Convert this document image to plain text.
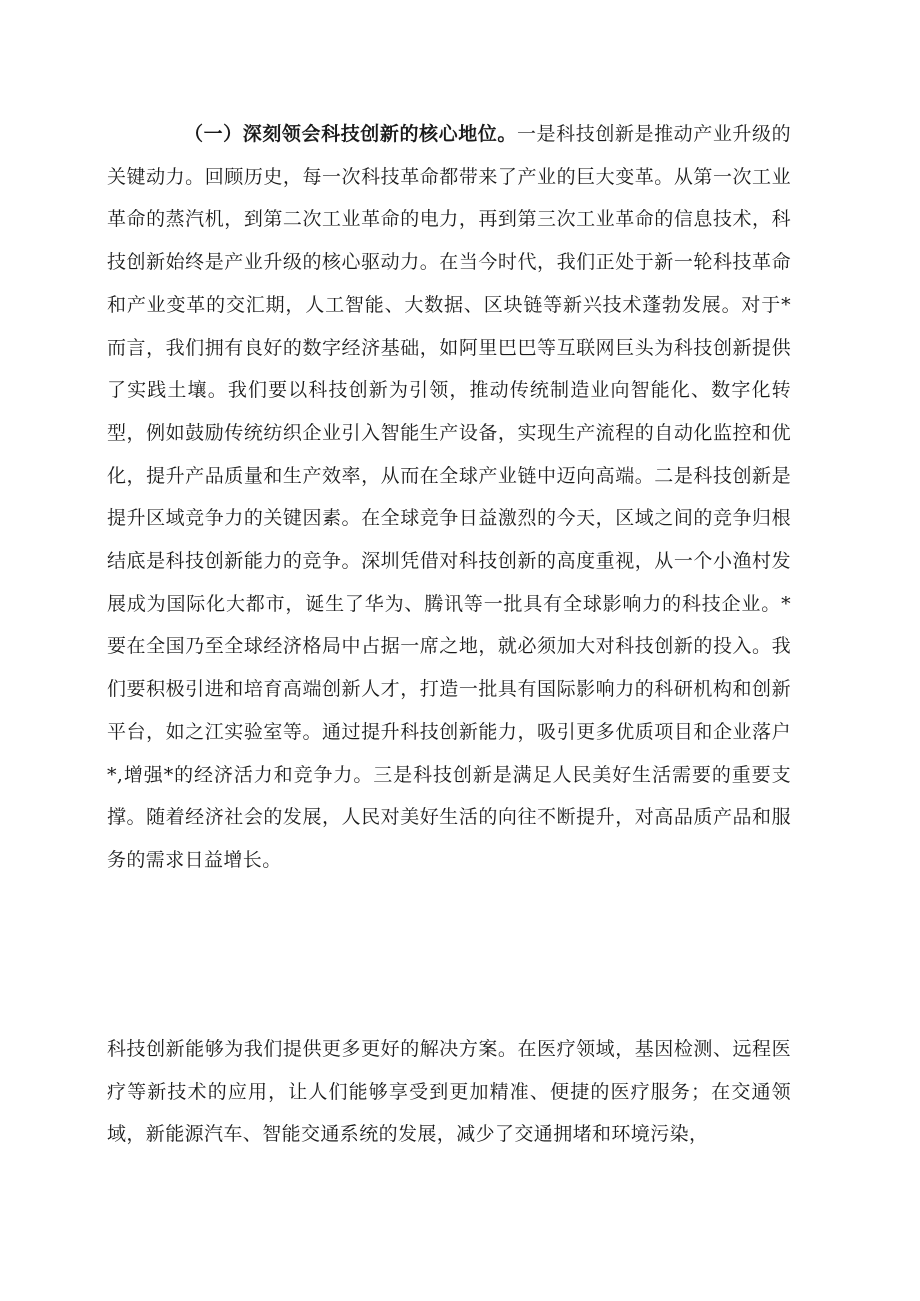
（一）深刻领会科技创新的核心地位。一是科技创新是推动产业升级的关键动力。回顾历史，每一次科技革命都带来了产业的巨大变革。从第一次工业革命的蒸汽机，到第二次工业革命的电力，再到第三次工业革命的信息技术，科技创新始终是产业升级的核心驱动力。在当今时代，我们正处于新一轮科技革命和产业变革的交汇期，人工智能、大数据、区块链等新兴技术蓬勃发展。对于*而言，我们拥有良好的数字经济基础，如阿里巴巴等互联网巨头为科技创新提供了实践土壤。我们要以科技创新为引领，推动传统制造业向智能化、数字化转型，例如鼓励传统纺织企业引入智能生产设备，实现生产流程的自动化监控和优化，提升产品质量和生产效率，从而在全球产业链中迈向高端。二是科技创新是提升区域竞争力的关键因素。在全球竞争日益激烈的今天，区域之间的竞争归根结底是科技创新能力的竞争。深圳凭借对科技创新的高度重视，从一个小渔村发展成为国际化大都市，诞生了华为、腾讯等一批具有全球影响力的科技企业。*要在全国乃至全球经济格局中占据一席之地，就必须加大对科技创新的投入。我们要积极引进和培育高端创新人才，打造一批具有国际影响力的科研机构和创新平台，如之江实验室等。通过提升科技创新能力，吸引更多优质项目和企业落户*,增强*的经济活力和竞争力。三是科技创新是满足人民美好生活需要的重要支撑。随着经济社会的发展，人民对美好生活的向往不断提升，对高品质产品和服务的需求日益增长。

科技创新能够为我们提供更多更好的解决方案。在医疗领域，基因检测、远程医疗等新技术的应用，让人们能够享受到更加精准、便捷的医疗服务；在交通领域，新能源汽车、智能交通系统的发展，减少了交通拥堵和环境污染，
